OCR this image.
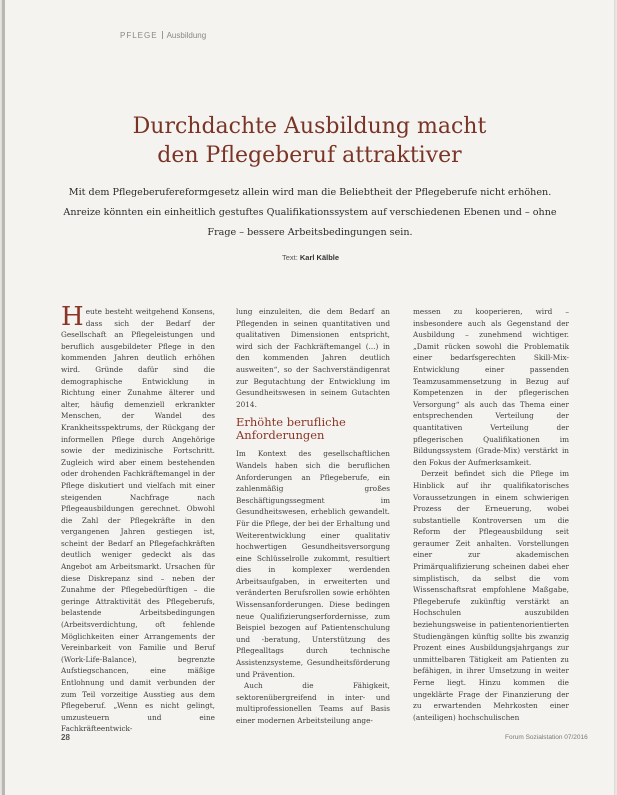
PFLEGE Ausbildung
Durchdachte Ausbildung macht
den Pflegeberuf attraktiver
Mit dem Pflegeberufereformgesetz allein wird man die Beliebtheit der Pflegeberufe nicht erhöhen. Anreize könnten ein einheitlich gestuftes Qualifikationssystem auf verschiedenen Ebenen und – ohne Frage – bessere Arbeitsbedingungen sein.
Text: Karl Kälble

Heute besteht weitgehend Konsens, dass sich der Bedarf der Gesellschaft an Pflegeleistungen und beruflich ausgebildeter Pflege in den kommenden Jahren deutlich erhöhen wird. Gründe dafür sind die demographische Entwicklung in Richtung einer Zunahme älterer und alter, häufig demenziell erkrankter Menschen, der Wandel des Krankheitsspektrums, der Rückgang der informellen Pflege durch Angehörige sowie der medizinische Fortschritt. Zugleich wird aber einem bestehenden oder drohenden Fachkräftemangel in der Pflege diskutiert und vielfach mit einer steigenden Nachfrage nach Pflegeausbildungen gerechnet. Obwohl die Zahl der Pflegekräfte in den vergangenen Jahren gestiegen ist, scheint der Bedarf an Pflegefachkräften deutlich weniger gedeckt als das Angebot am Arbeitsmarkt. Ursachen für diese Diskrepanz sind – neben der Zunahme der Pflegebedürftigen – die geringe Attraktivität des Pflegeberufs, belastende Arbeitsbedingungen (Arbeitsverdichtung, oft fehlende Möglichkeiten einer Arrangements der Vereinbarkeit von Familie und Beruf (Work-Life-Balance), begrenzte Aufstiegschancen, eine mäßige Entlohnung und damit verbunden der zum Teil vorzeitige Ausstieg aus dem Pflegeberuf. „Wenn es nicht gelingt, umzusteuern und eine Fachkräfteentwick-

lung einzuleiten, die dem Bedarf an Pflegenden in seinen quantitativen und qualitativen Dimensionen entspricht, wird sich der Fachkräftemangel (...) in den kommenden Jahren deutlich ausweiten“, so der Sachverständigenrat zur Begutachtung der Entwicklung im Gesundheitswesen in seinem Gutachten 2014.

Erhöhte berufliche Anforderungen

Im Kontext des gesellschaftlichen Wandels haben sich die beruflichen Anforderungen an Pflegeberufe, ein zahlenmäßig großes Beschäftigungssegment im Gesundheitswesen, erheblich gewandelt. Für die Pflege, der bei der Erhaltung und Weiterentwicklung einer qualitativ hochwertigen Gesundheitsversorgung eine Schlüsselrolle zukommt, resultiert dies in komplexer werdenden Arbeitsaufgaben, in erweiterten und veränderten Berufsrollen sowie erhöhten Wissensanforderungen. Diese bedingen neue Qualifizierungserfordernisse, zum Beispiel bezogen auf Patientenschulung und -beratung, Unterstützung des Pflegealltags durch technische Assistenzsysteme, Gesundheitsförderung und Prävention.

Auch die Fähigkeit, sektorenübergreifend in inter- und multiprofessionellen Teams auf Basis einer modernen Arbeitsteilung ange-

messen zu kooperieren, wird – insbesondere auch als Gegenstand der Ausbildung – zunehmend wichtiger. „Damit rücken sowohl die Problematik einer bedarfsgerechten Skill-Mix-Entwicklung einer passenden Teamzusammensetzung in Bezug auf Kompetenzen in der pflegerischen Versorgung“ als auch das Thema einer entsprechenden Verteilung der quantitativen Verteilung der pflegerischen Qualifikationen im Bildungssystem (Grade-Mix) verstärkt in den Fokus der Aufmerksamkeit.

Derzeit befindet sich die Pflege im Hinblick auf ihr qualifikatorisches Voraussetzungen in einem schwierigen Prozess der Erneuerung, wobei substantielle Kontroversen um die Reform der Pflegeausbildung seit geraumer Zeit anhalten. Vorstellungen einer zur akademischen Primärqualifizierung scheinen dabei eher simplistisch, da selbst die vom Wissenschaftsrat empfohlene Maßgabe, Pflegeberufe zukünftig verstärkt an Hochschulen auszubilden beziehungsweise in patientenorientierten Studiengängen künftig sollte bis zwanzig Prozent eines Ausbildungsjahrgangs zur unmittelbaren Tätigkeit am Patienten zu befähigen, in ihrer Umsetzung in weiter Ferne liegt. Hinzu kommen die ungeklärte Frage der Finanzierung der zu erwartenden Mehrkosten einer (anteiligen) hochschulischen

28	Forum Sozialstation 07/2016
